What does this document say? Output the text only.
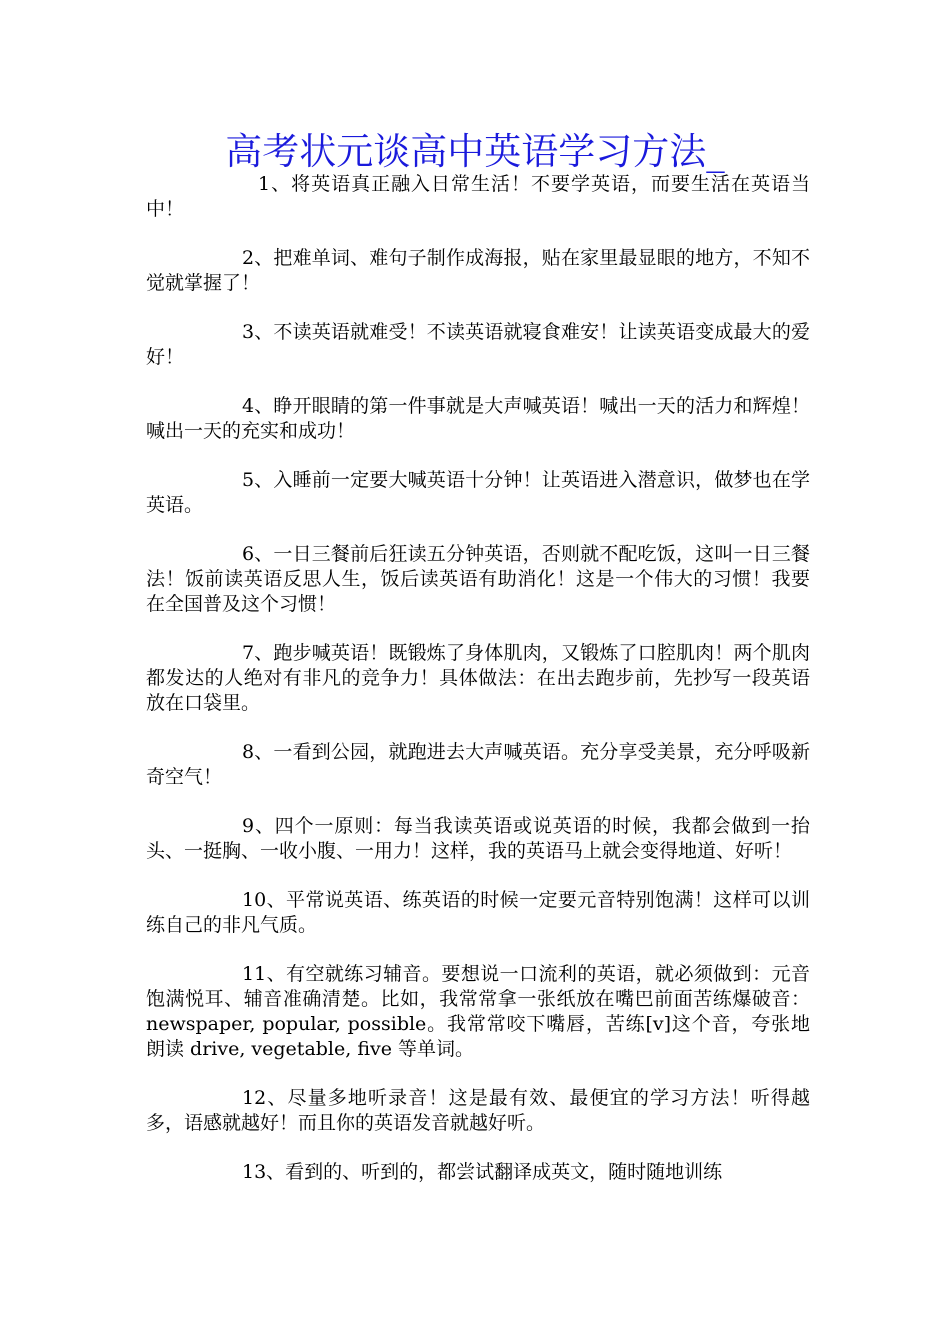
高考状元谈高中英语学习方法_

1、将英语真正融入日常生活！不要学英语，而要生活在英语当中！

2、把难单词、难句子制作成海报，贴在家里最显眼的地方，不知不觉就掌握了！

3、不读英语就难受！不读英语就寝食难安！让读英语变成最大的爱好！

4、睁开眼睛的第一件事就是大声喊英语！喊出一天的活力和辉煌！喊出一天的充实和成功！

5、入睡前一定要大喊英语十分钟！让英语进入潜意识，做梦也在学英语。

6、一日三餐前后狂读五分钟英语，否则就不配吃饭，这叫一日三餐法！饭前读英语反思人生，饭后读英语有助消化！这是一个伟大的习惯！我要在全国普及这个习惯！

7、跑步喊英语！既锻炼了身体肌肉，又锻炼了口腔肌肉！两个肌肉都发达的人绝对有非凡的竞争力！具体做法：在出去跑步前，先抄写一段英语放在口袋里。

8、一看到公园，就跑进去大声喊英语。充分享受美景，充分呼吸新奇空气！

9、四个一原则：每当我读英语或说英语的时候，我都会做到一抬头、一挺胸、一收小腹、一用力！这样，我的英语马上就会变得地道、好听！

10、平常说英语、练英语的时候一定要元音特别饱满！这样可以训练自己的非凡气质。

11、有空就练习辅音。要想说一口流利的英语，就必须做到：元音饱满悦耳、辅音准确清楚。比如，我常常拿一张纸放在嘴巴前面苦练爆破音： newspaper, popular, possible。我常常咬下嘴唇，苦练[v]这个音，夸张地朗读 drive, vegetable, five 等单词。

12、尽量多地听录音！这是最有效、最便宜的学习方法！听得越多，语感就越好！而且你的英语发音就越好听。

13、看到的、听到的，都尝试翻译成英文，随时随地训练
